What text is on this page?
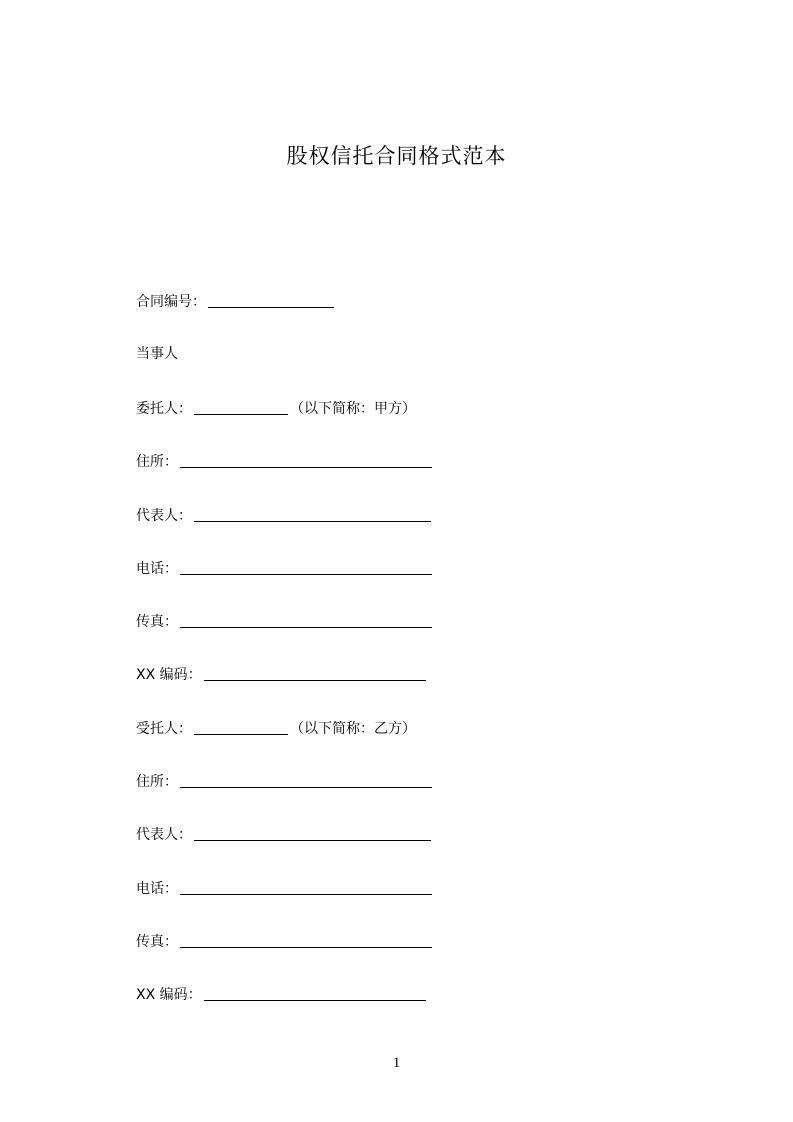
股权信托合同格式范本
合同编号：
当事人
委托人：	（以下简称：甲方）
住所：
代表人：
电话：
传真：
XX 编码：
受托人：	（以下简称：乙方）
住所：
代表人：
电话：
传真：
XX 编码：
1
